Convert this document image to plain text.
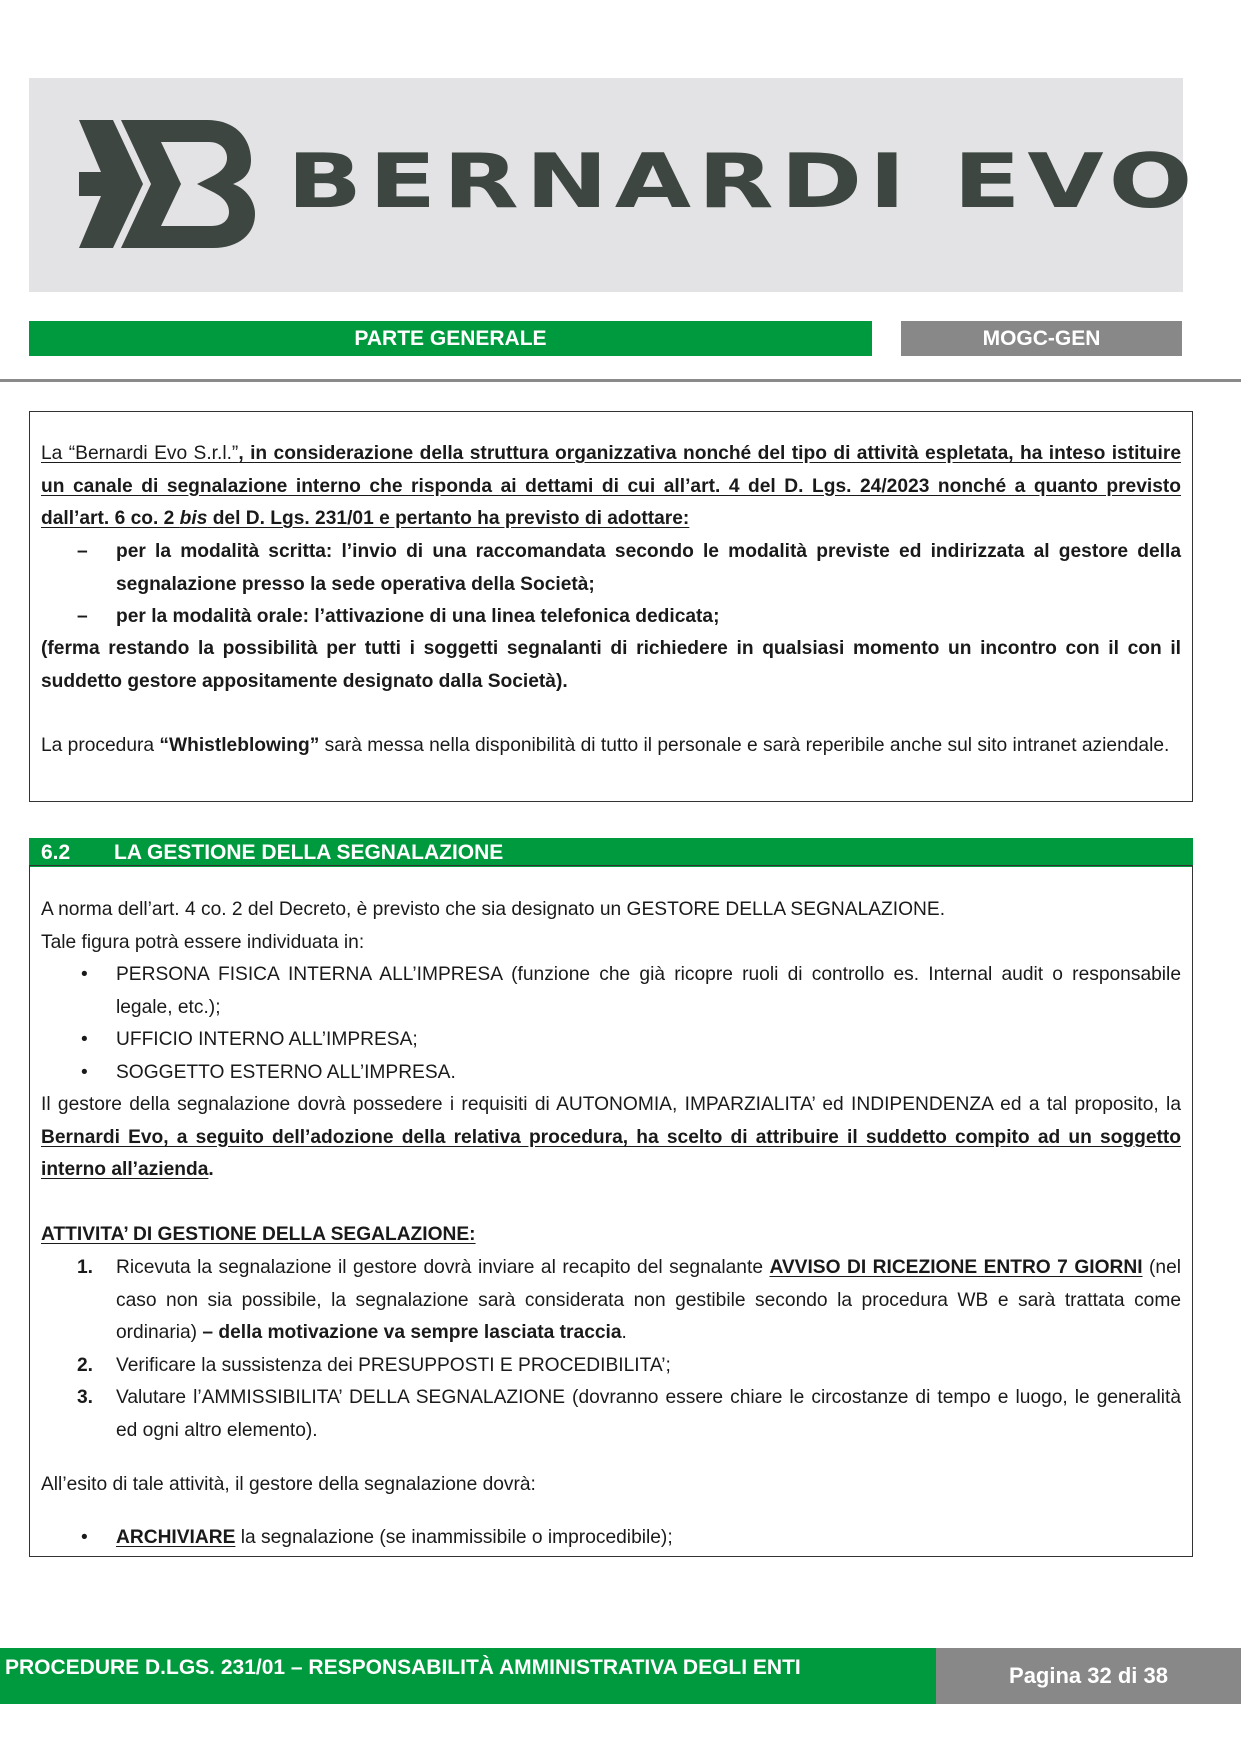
BERNARDI EVO
PARTE GENERALE	MOGC-GEN

La “Bernardi Evo S.r.l.”, in considerazione della struttura organizzativa nonché del tipo di attività espletata, ha inteso istituire un canale di segnalazione interno che risponda ai dettami di cui all’art. 4 del D. Lgs. 24/2023 nonché a quanto previsto dall’art. 6 co. 2 bis del D. Lgs. 231/01 e pertanto ha previsto di adottare:

–	per la modalità scritta: l’invio di una raccomandata secondo le modalità previste ed indirizzata al gestore della segnalazione presso la sede operativa della Società;
–	per la modalità orale: l’attivazione di una linea telefonica dedicata;

(ferma restando la possibilità per tutti i soggetti segnalanti di richiedere in qualsiasi momento un incontro con il con il suddetto gestore appositamente designato dalla Società).

La procedura “Whistleblowing” sarà messa nella disponibilità di tutto il personale e sarà reperibile anche sul sito intranet aziendale.

6.2	LA GESTIONE DELLA SEGNALAZIONE

A norma dell’art. 4 co. 2 del Decreto, è previsto che sia designato un GESTORE DELLA SEGNALAZIONE.

Tale figura potrà essere individuata in:

•	PERSONA FISICA INTERNA ALL’IMPRESA (funzione che già ricopre ruoli di controllo es. Internal audit o responsabile legale, etc.);
•	UFFICIO INTERNO ALL’IMPRESA;
•	SOGGETTO ESTERNO ALL’IMPRESA.

Il gestore della segnalazione dovrà possedere i requisiti di AUTONOMIA, IMPARZIALITA’ ed INDIPENDENZA ed a tal proposito, la Bernardi Evo, a seguito dell’adozione della relativa procedura, ha scelto di attribuire il suddetto compito ad un soggetto interno all’azienda.

ATTIVITA’ DI GESTIONE DELLA SEGALAZIONE:

1.	Ricevuta la segnalazione il gestore dovrà inviare al recapito del segnalante AVVISO DI RICEZIONE ENTRO 7 GIORNI (nel caso non sia possibile, la segnalazione sarà considerata non gestibile secondo la procedura WB e sarà trattata come ordinaria) – della motivazione va sempre lasciata traccia.
2.	Verificare la sussistenza dei PRESUPPOSTI E PROCEDIBILITA’;
3.	Valutare l’AMMISSIBILITA’ DELLA SEGNALAZIONE (dovranno essere chiare le circostanze di tempo e luogo, le generalità ed ogni altro elemento).

All’esito di tale attività, il gestore della segnalazione dovrà:

•	ARCHIVIARE la segnalazione (se inammissibile o improcedibile);
PROCEDURE D.LGS. 231/01 – RESPONSABILITÀ AMMINISTRATIVA DEGLI ENTI	Pagina 32 di 38
